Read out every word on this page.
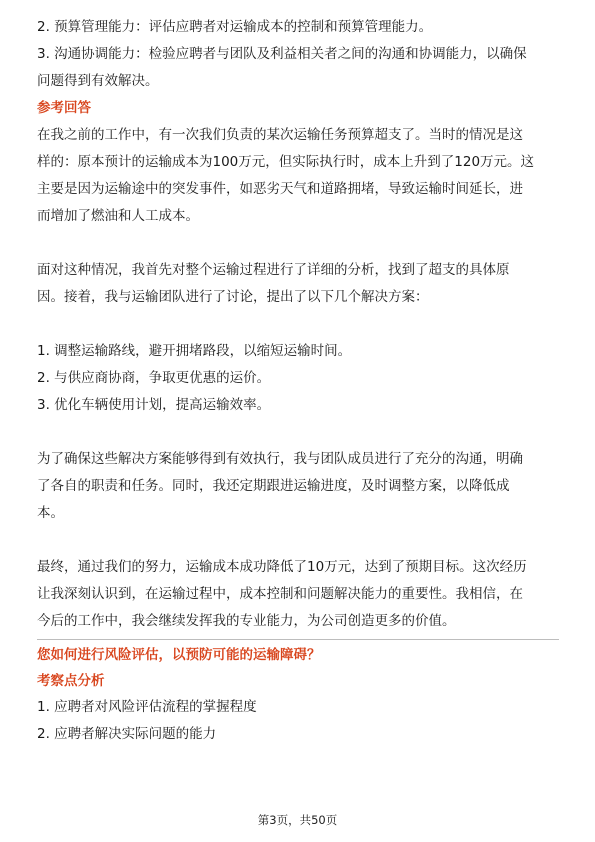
2. 预算管理能力：评估应聘者对运输成本的控制和预算管理能力。
3. 沟通协调能力：检验应聘者与团队及利益相关者之间的沟通和协调能力，以确保
问题得到有效解决。
参考回答
在我之前的工作中，有一次我们负责的某次运输任务预算超支了。当时的情况是这
样的：原本预计的运输成本为100万元，但实际执行时，成本上升到了120万元。这
主要是因为运输途中的突发事件，如恶劣天气和道路拥堵，导致运输时间延长，进
而增加了燃油和人工成本。
面对这种情况，我首先对整个运输过程进行了详细的分析，找到了超支的具体原
因。接着，我与运输团队进行了讨论，提出了以下几个解决方案：
1. 调整运输路线，避开拥堵路段，以缩短运输时间。
2. 与供应商协商，争取更优惠的运价。
3. 优化车辆使用计划，提高运输效率。
为了确保这些解决方案能够得到有效执行，我与团队成员进行了充分的沟通，明确
了各自的职责和任务。同时，我还定期跟进运输进度，及时调整方案，以降低成
本。
最终，通过我们的努力，运输成本成功降低了10万元，达到了预期目标。这次经历
让我深刻认识到，在运输过程中，成本控制和问题解决能力的重要性。我相信，在
今后的工作中，我会继续发挥我的专业能力，为公司创造更多的价值。
您如何进行风险评估，以预防可能的运输障碍？
考察点分析
1. 应聘者对风险评估流程的掌握程度
2. 应聘者解决实际问题的能力
第3页，共50页
